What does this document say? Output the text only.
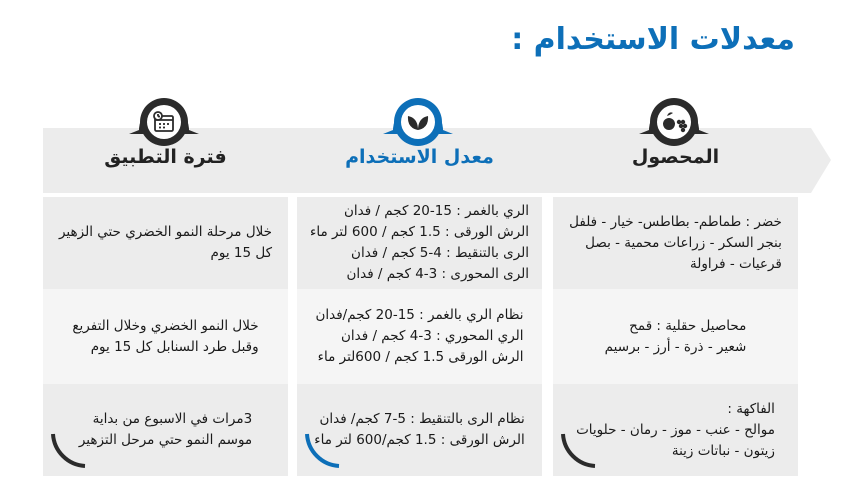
معدلات الاستخدام :
المحصول

خضر : طماطم- بطاطس- خيار - فلفل
بنجر السكر - زراعات محمية - بصل
قرعيات - فراولة

محاصيل حقلية : قمح
شعير - ذرة - أرز - برسيم

الفاكهة :
موالح - عنب - موز - رمان - حلويات
زيتون - نباتات زينة

معدل الاستخدام

الري بالغمر : 15-20 كجم / فدان
الرش الورقى : 1.5 كجم / 600 لتر ماء
الرى بالتنقيط : 4-5 كجم / فدان
الرى المحورى : 3-4 كجم / فدان

نظام الري بالغمر : 15-20 كجم/فدان
الري المحوري : 3-4 كجم / فدان
الرش الورقى 1.5 كجم / 600لتر ماء

نظام الرى بالتنقيط : 5-7 كجم/ فدان
الرش الورقى : 1.5 كجم/600 لتر ماء

فترة التطبيق

خلال مرحلة النمو الخضري حتي الزهير
كل 15 يوم

خلال النمو الخضري وخلال التفريع
وقبل طرد السنابل كل 15 يوم

3مرات في الاسبوع من بداية
موسم النمو حتي مرحل التزهير
